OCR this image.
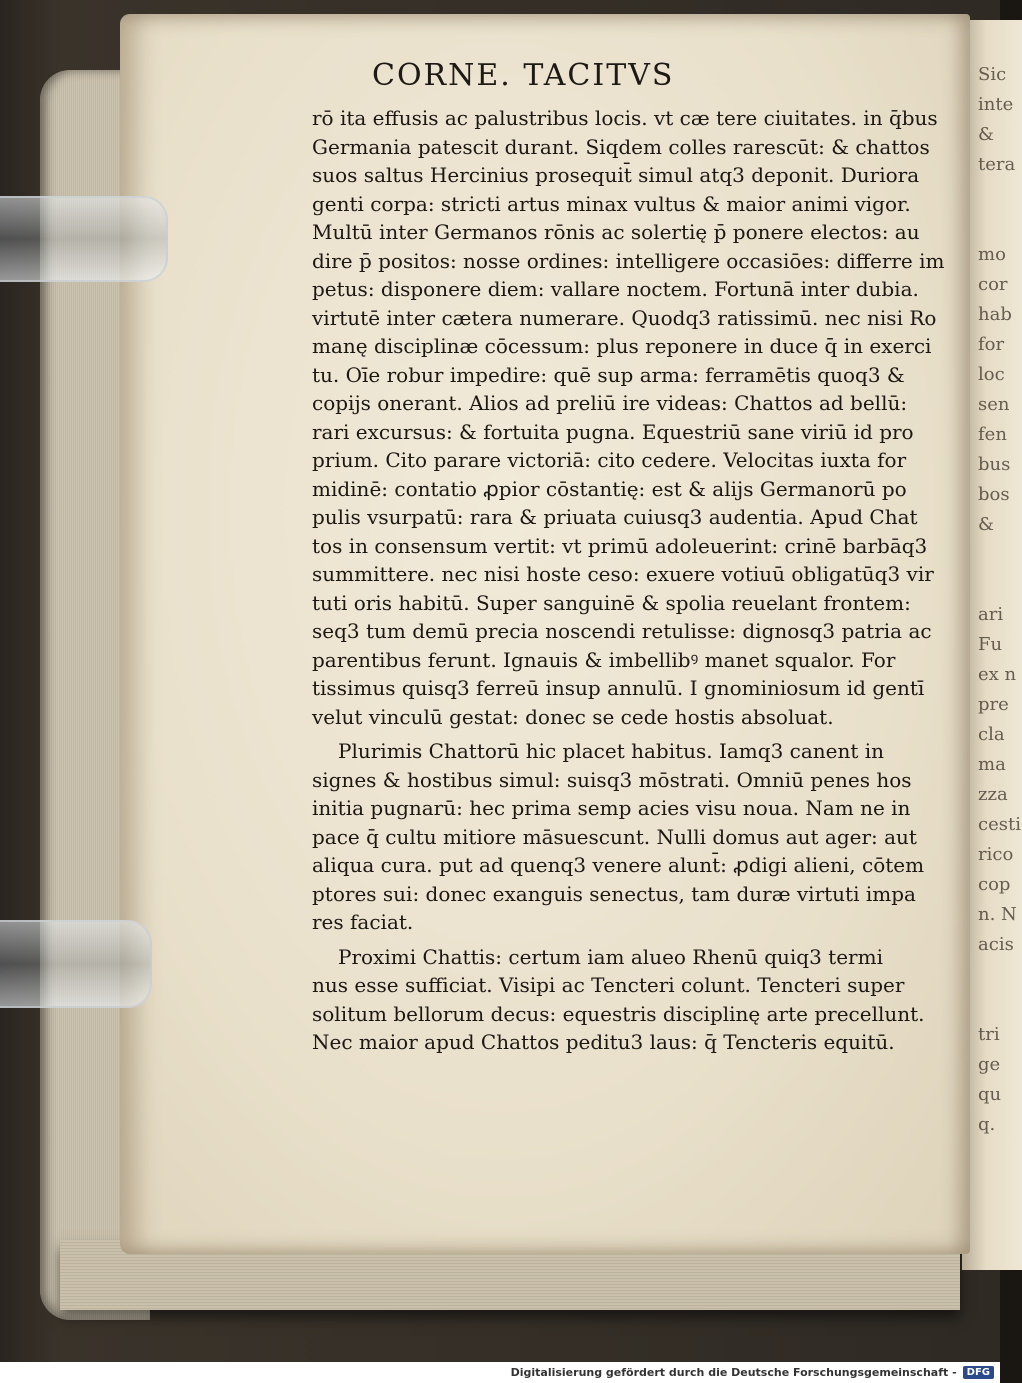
Sic
inte
&
tera

mo
cor
hab
for
loc
sen
fen
bus
bos
&

ari
Fu
ex
pre
cla
ma
zza
cesti
rico
cop
n.
acis

tri
ge
qu
q.
CORNE. TACITVS
rō ita effusis ac palustribus locis. vt cæ tere ciuitates. in q̄bus
Germania patescit durant. Siqdem colles rarescūt: & chattos
suos saltus Hercinius prosequit̄ simul atq3 deponit. Duriora
genti corpa: stricti artus minax vultus & maior animi vigor.
Multū inter Germanos rōnis ac solertię p̄ ponere electos: au
dire p̄ positos: nosse ordines: intelligere occasiōes: differre im
petus: disponere diem: vallare noctem. Fortunā inter dubia.
virtutē inter cætera numerare. Quodq3 ratissimū. nec nisi Ro
manę disciplinæ cōcessum: plus reponere in duce q̄ in exerci
tu. Oīe robur impedire: quē sup arma: ferramētis quoq3 &
copijs onerant. Alios ad preliū ire videas: Chattos ad bellū:
rari excursus: & fortuita pugna. Equestriū sane viriū id pro
prium. Cito parare victoriā: cito cedere. Velocitas iuxta for
midinē: contatio ꝓpior cōstantię: est & alijs Germanorū po
pulis vsurpatū: rara & priuata cuiusq3 audentia. Apud Chat
tos in consensum vertit: vt primū adoleuerint: crinē barbāq3
summittere. nec nisi hoste ceso: exuere votiuū obligatūq3 vir
tuti oris habitū. Super sanguinē & spolia reuelant frontem:
seq3 tum demū precia noscendi retulisse: dignosq3 patria ac
parentibus ferunt. Ignauis & imbellibꝰ manet squalor. For
tissimus quisq3 ferreū insup annulū. I gnominiosum id gentī
velut vinculū gestat: donec se cede hostis absoluat.
Plurimis Chattorū hic placet habitus. Iamq3 canent in
signes & hostibus simul: suisq3 mōstrati. Omniū penes hos
initia pugnarū: hec prima semp acies visu noua. Nam ne in
pace q̄ cultu mitiore māsuescunt. Nulli domus aut ager: aut
aliqua cura. put ad quenq3 venere alunt̄: ꝓdigi alieni, cōtem
ptores sui: donec exanguis senectus, tam duræ virtuti impa
res faciat.
Proximi Chattis: certum iam alueo Rhenū quiq3 termi
nus esse sufficiat. Visipi ac Tencteri colunt. Tencteri super
solitum bellorum decus: equestris disciplinę arte precellunt.
Nec maior apud Chattos peditu3 laus: q̄ Tencteris equitū.
Digitalisierung gefördert durch die Deutsche Forschungsgemeinschaft -	DFG
